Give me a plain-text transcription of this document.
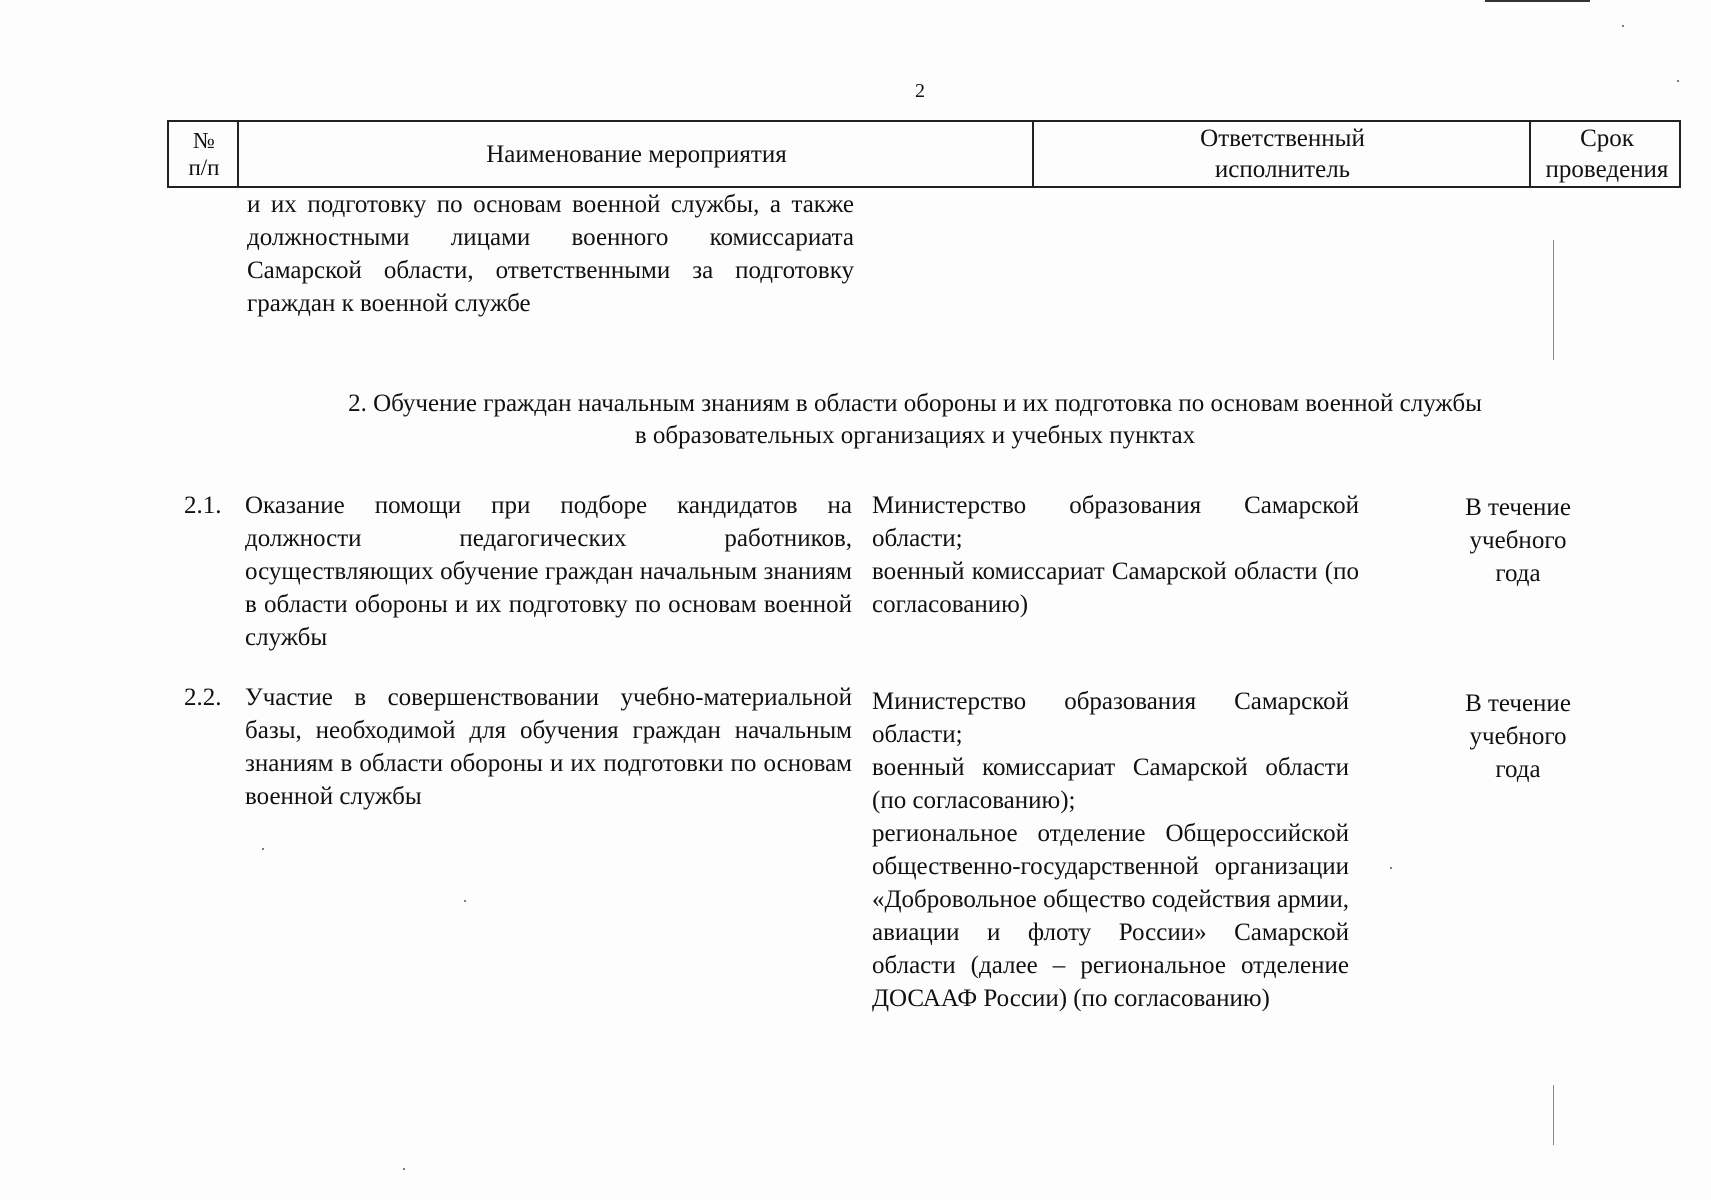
2
№
п/п	Наименование мероприятия
Ответственный
исполнитель
Срок
проведения
и их подготовку по основам военной службы, а также должностными лицами военного комиссариата Самарской области, ответственными за подготовку граждан к военной службе
2. Обучение граждан начальным знаниям в области обороны и их подготовка по основам военной службы
в образовательных организациях и учебных пунктах
2.1. Оказание помощи при подборе кандидатов на должности педагогических работников, осуществляющих обучение граждан начальным знаниям в области обороны и их подготовку по основам военной службы
Министерство образования Самарской области;
военный комиссариат Самарской области (по согласованию)
В течение
учебного
года
2.2. Участие в совершенствовании учебно-материальной базы, необходимой для обучения граждан начальным знаниям в области обороны и их подготовки по основам военной службы
Министерство образования Самарской области;
военный комиссариат Самарской области (по согласованию);
региональное отделение Общероссийской общественно-государственной организации «Добровольное общество содействия армии, авиации и флоту России» Самарской области (далее – региональное отделение ДОСААФ России) (по согласованию)
В течение
учебного
года
